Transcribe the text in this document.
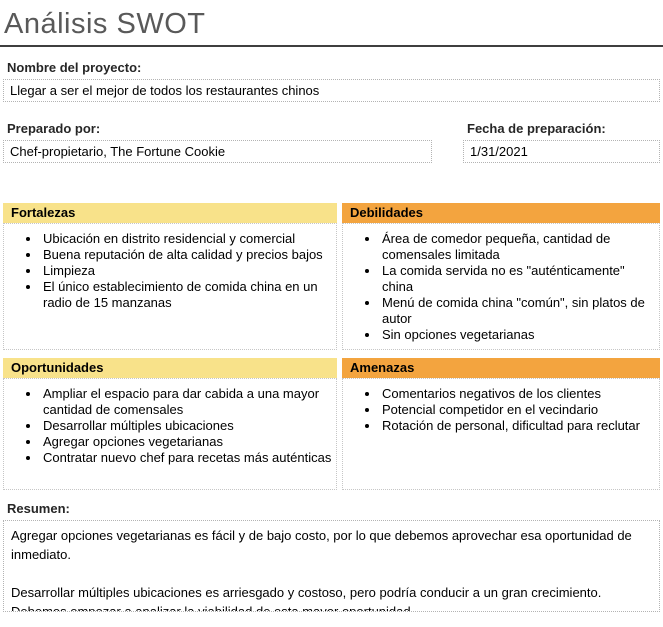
Análisis SWOT
Nombre del proyecto:
Llegar a ser el mejor de todos los restaurantes chinos
Preparado por:
Chef-propietario, The Fortune Cookie	Fecha de preparación:
1/31/2021
Fortalezas
• Ubicación en distrito residencial y comercial
• Buena reputación de alta calidad y precios bajos
• Limpieza
• El único establecimiento de comida china en un radio de 15 manzanas
Debilidades
• Área de comedor pequeña, cantidad de comensales limitada
• La comida servida no es "auténticamente" china
• Menú de comida china "común", sin platos de autor
• Sin opciones vegetarianas
Oportunidades
• Ampliar el espacio para dar cabida a una mayor cantidad de comensales
• Desarrollar múltiples ubicaciones
• Agregar opciones vegetarianas
• Contratar nuevo chef para recetas más auténticas
Amenazas
• Comentarios negativos de los clientes
• Potencial competidor en el vecindario
• Rotación de personal, dificultad para reclutar
Resumen:
Agregar opciones vegetarianas es fácil y de bajo costo, por lo que debemos aprovechar esa oportunidad de inmediato. Desarrollar múltiples ubicaciones es arriesgado y costoso, pero podría conducir a un gran crecimiento. Debemos empezar a analizar la viabilidad de esta mayor oportunidad.
